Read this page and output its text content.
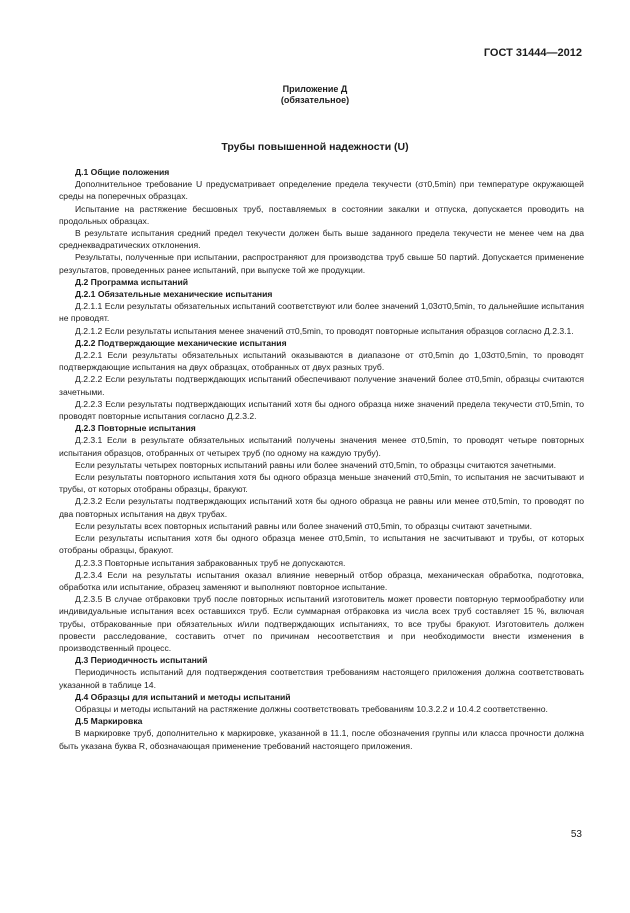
ГОСТ 31444—2012
Приложение Д
(обязательное)
Трубы повышенной надежности (U)

Д.1 Общие положения

Дополнительное требование U предусматривает определение предела текучести (σт0,5min) при температуре окружающей среды на поперечных образцах.

Испытание на растяжение бесшовных труб, поставляемых в состоянии закалки и отпуска, допускается проводить на продольных образцах.

В результате испытания средний предел текучести должен быть выше заданного предела текучести не менее чем на два среднеквадратических отклонения.

Результаты, полученные при испытании, распространяют для производства труб свыше 50 партий. Допускается применение результатов, проведенных ранее испытаний, при выпуске той же продукции.

Д.2 Программа испытаний

Д.2.1 Обязательные механические испытания

Д.2.1.1 Если результаты обязательных испытаний соответствуют или более значений 1,03σт0,5min, то дальнейшие испытания не проводят.

Д.2.1.2 Если результаты испытания менее значений σт0,5min, то проводят повторные испытания образцов согласно Д.2.3.1.

Д.2.2 Подтверждающие механические испытания

Д.2.2.1 Если результаты обязательных испытаний оказываются в диапазоне от σт0,5min до 1,03σт0,5min, то проводят подтверждающие испытания на двух образцах, отобранных от двух разных труб.

Д.2.2.2 Если результаты подтверждающих испытаний обеспечивают получение значений более σт0,5min, образцы считаются зачетными.

Д.2.2.3 Если результаты подтверждающих испытаний хотя бы одного образца ниже значений предела текучести σт0,5min, то проводят повторные испытания согласно Д.2.3.2.

Д.2.3 Повторные испытания

Д.2.3.1 Если в результате обязательных испытаний получены значения менее σт0,5min, то проводят четыре повторных испытания образцов, отобранных от четырех труб (по одному на каждую трубу).

Если результаты четырех повторных испытаний равны или более значений σт0,5min, то образцы считаются зачетными.

Если результаты повторного испытания хотя бы одного образца меньше значений σт0,5min, то испытания не засчитывают и трубы, от которых отобраны образцы, бракуют.

Д.2.3.2 Если результаты подтверждающих испытаний хотя бы одного образца не равны или менее σт0,5min, то проводят по два повторных испытания на двух трубах.

Если результаты всех повторных испытаний равны или более значений σт0,5min, то образцы считают зачетными.

Если результаты испытания хотя бы одного образца менее σт0,5min, то испытания не засчитывают и трубы, от которых отобраны образцы, бракуют.

Д.2.3.3 Повторные испытания забракованных труб не допускаются.

Д.2.3.4 Если на результаты испытания оказал влияние неверный отбор образца, механическая обработка, подготовка, обработка или испытание, образец заменяют и выполняют повторное испытание.

Д.2.3.5 В случае отбраковки труб после повторных испытаний изготовитель может провести повторную термообработку или индивидуальные испытания всех оставшихся труб. Если суммарная отбраковка из числа всех труб составляет 15 %, включая трубы, отбракованные при обязательных и/или подтверждающих испытаниях, то все трубы бракуют. Изготовитель должен провести расследование, составить отчет по причинам несоответствия и при необходимости внести изменения в производственный процесс.

Д.3 Периодичность испытаний

Периодичность испытаний для подтверждения соответствия требованиям настоящего приложения должна соответствовать указанной в таблице 14.

Д.4 Образцы для испытаний и методы испытаний

Образцы и методы испытаний на растяжение должны соответствовать требованиям 10.3.2.2 и 10.4.2 соответственно.

Д.5 Маркировка

В маркировке труб, дополнительно к маркировке, указанной в 11.1, после обозначения группы или класса прочности должна быть указана буква R, обозначающая применение требований настоящего приложения.

53
